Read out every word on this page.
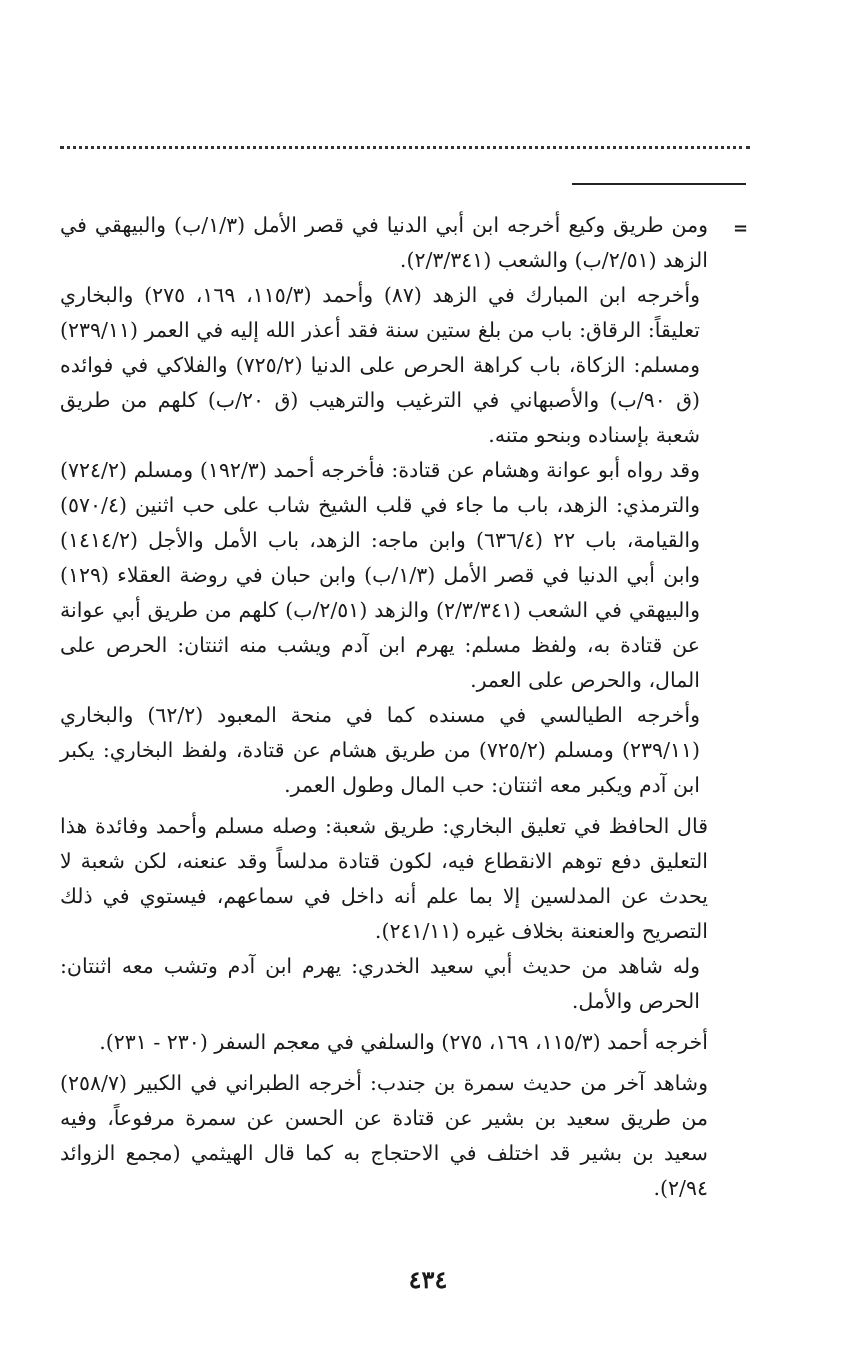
=

ومن طريق وكيع أخرجه ابن أبي الدنيا في قصر الأمل (١/٣/ب) والبيهقي في الزهد (٢/٥١/ب) والشعب (٢/٣/٣٤١).

وأخرجه ابن المبارك في الزهد (٨٧) وأحمد (١١٥/٣، ١٦٩، ٢٧٥) والبخاري تعليقاً: الرقاق: باب من بلغ ستين سنة فقد أعذر الله إليه في العمر (٢٣٩/١١) ومسلم: الزكاة، باب كراهة الحرص على الدنيا (٧٢٥/٢) والفلاكي في فوائده (ق ٩٠/ب) والأصبهاني في الترغيب والترهيب (ق ٢٠/ب) كلهم من طريق شعبة بإسناده وبنحو متنه.

وقد رواه أبو عوانة وهشام عن قتادة: فأخرجه أحمد (١٩٢/٣) ومسلم (٧٢٤/٢) والترمذي: الزهد، باب ما جاء في قلب الشيخ شاب على حب اثنين (٥٧٠/٤) والقيامة، باب ٢٢ (٦٣٦/٤) وابن ماجه: الزهد، باب الأمل والأجل (١٤١٤/٢) وابن أبي الدنيا في قصر الأمل (١/٣/ب) وابن حبان في روضة العقلاء (١٢٩) والبيهقي في الشعب (٢/٣/٣٤١) والزهد (٢/٥١/ب) كلهم من طريق أبي عوانة عن قتادة به، ولفظ مسلم: يهرم ابن آدم ويشب منه اثنتان: الحرص على المال، والحرص على العمر.

وأخرجه الطيالسي في مسنده كما في منحة المعبود (٦٢/٢) والبخاري (٢٣٩/١١) ومسلم (٧٢٥/٢) من طريق هشام عن قتادة، ولفظ البخاري: يكبر ابن آدم ويكبر معه اثنتان: حب المال وطول العمر.

قال الحافظ في تعليق البخاري: طريق شعبة: وصله مسلم وأحمد وفائدة هذا التعليق دفع توهم الانقطاع فيه، لكون قتادة مدلساً وقد عنعنه، لكن شعبة لا يحدث عن المدلسين إلا بما علم أنه داخل في سماعهم، فيستوي في ذلك التصريح والعنعنة بخلاف غيره (٢٤١/١١).

وله شاهد من حديث أبي سعيد الخدري: يهرم ابن آدم وتشب معه اثنتان: الحرص والأمل.

أخرجه أحمد (١١٥/٣، ١٦٩، ٢٧٥) والسلفي في معجم السفر (٢٣٠ - ٢٣١).

وشاهد آخر من حديث سمرة بن جندب: أخرجه الطبراني في الكبير (٢٥٨/٧) من طريق سعيد بن بشير عن قتادة عن الحسن عن سمرة مرفوعاً، وفيه سعيد بن بشير قد اختلف في الاحتجاج به كما قال الهيثمي (مجمع الزوائد ٢/٩٤).

٤٣٤
